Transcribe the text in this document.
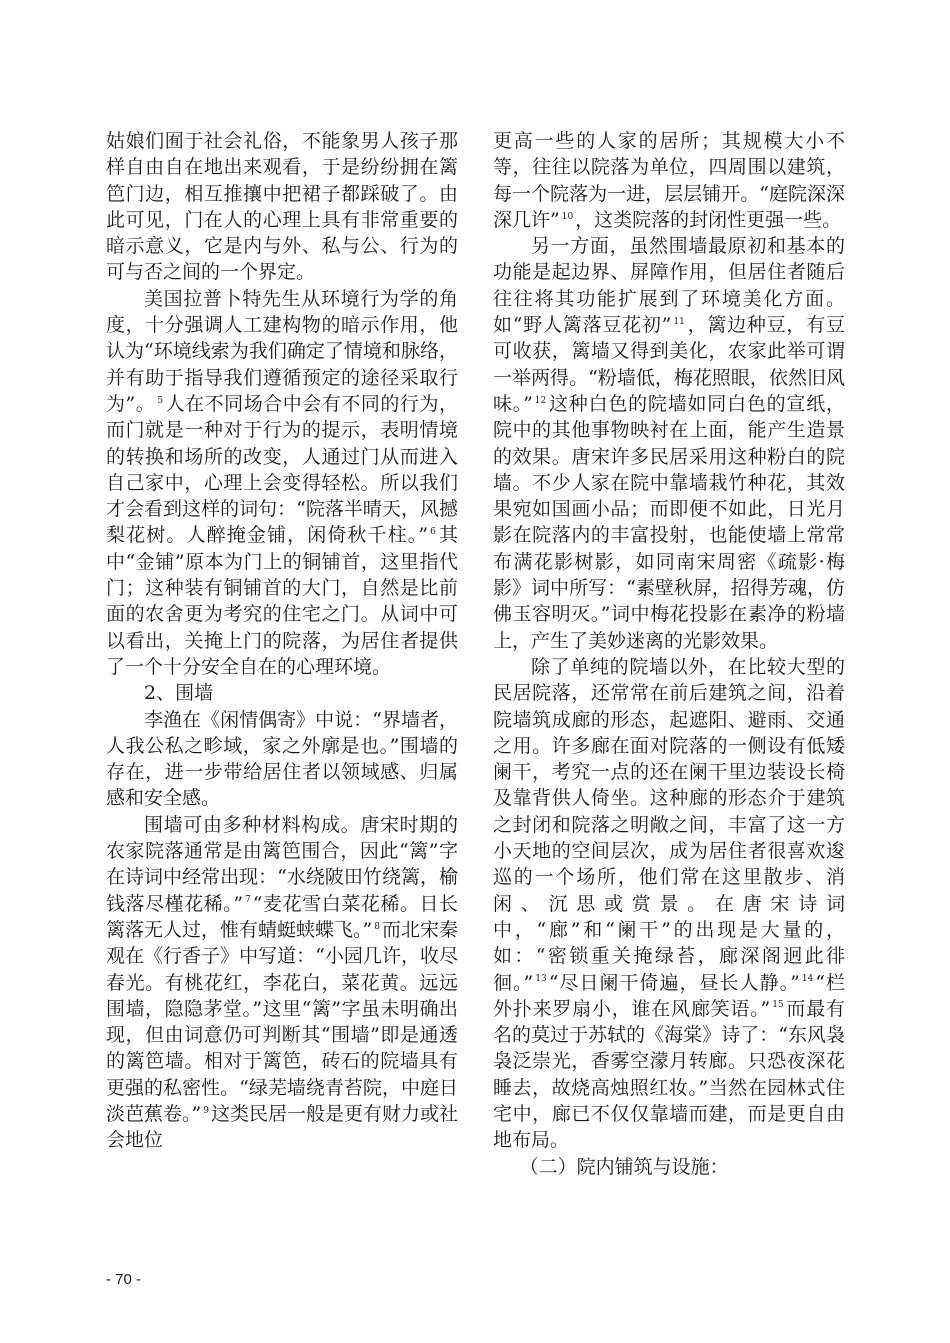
姑娘们囿于社会礼俗，不能象男人孩子那样自由自在地出来观看，于是纷纷拥在篱笆门边，相互推攘中把裙子都踩破了。由此可见，门在人的心理上具有非常重要的暗示意义，它是内与外、私与公、行为的可与否之间的一个界定。

美国拉普卜特先生从环境行为学的角度，十分强调人工建构物的暗示作用，他认为“环境线索为我们确定了情境和脉络，并有助于指导我们遵循预定的途径采取行为”。 $^5$ 人在不同场合中会有不同的行为，而门就是一种对于行为的提示，表明情境的转换和场所的改变，人通过门从而进入自己家中，心理上会变得轻松。所以我们才会看到这样的词句：“院落半晴天，风撼梨花树。人醉掩金铺，闲倚秋千柱。” $^6$ 其中“金铺”原本为门上的铜铺首，这里指代门；这种装有铜铺首的大门，自然是比前面的农舍更为考究的住宅之门。从词中可以看出，关掩上门的院落，为居住者提供了一个十分安全自在的心理环境。

2、围墙

李渔在《闲情偶寄》中说：“界墙者，人我公私之畛域，家之外廓是也。”围墙的存在，进一步带给居住者以领域感、归属感和安全感。

围墙可由多种材料构成。唐宋时期的农家院落通常是由篱笆围合，因此“篱”字在诗词中经常出现：“水绕陂田竹绕篱，榆钱落尽槿花稀。” $^7$ “麦花雪白菜花稀。日长篱落无人过，惟有蜻蜓蛱蝶飞。” $^8$ 而北宋秦观在《行香子》中写道：“小园几许，收尽春光。有桃花红，李花白，菜花黄。远远围墙，隐隐茅堂。”这里“篱”字虽未明确出现，但由词意仍可判断其“围墙”即是通透的篱笆墙。相对于篱笆，砖石的院墙具有更强的私密性。“绿芜墙绕青苔院，中庭日淡芭蕉卷。” $^9$ 这类民居一般是更有财力或社会地位

更高一些的人家的居所；其规模大小不等，往往以院落为单位，四周围以建筑，每一个院落为一进，层层铺开。“庭院深深深几许” $^{10}$ ，这类院落的封闭性更强一些。

另一方面，虽然围墙最原初和基本的功能是起边界、屏障作用，但居住者随后往往将其功能扩展到了环境美化方面。如“野人篱落豆花初” $^{11}$ ，篱边种豆，有豆可收获，篱墙又得到美化，农家此举可谓一举两得。“粉墙低，梅花照眼，依然旧风味。” $^{12}$ 这种白色的院墙如同白色的宣纸，院中的其他事物映衬在上面，能产生造景的效果。唐宋许多民居采用这种粉白的院墙。不少人家在院中靠墙栽竹种花，其效果宛如国画小品；而即便不如此，日光月影在院落内的丰富投射，也能使墙上常常布满花影树影，如同南宋周密《疏影·梅影》词中所写：“素壁秋屏，招得芳魂，仿佛玉容明灭。”词中梅花投影在素净的粉墙上，产生了美妙迷离的光影效果。

除了单纯的院墙以外，在比较大型的民居院落，还常常在前后建筑之间，沿着院墙筑成廊的形态，起遮阳、避雨、交通之用。许多廊在面对院落的一侧设有低矮阑干，考究一点的还在阑干里边装设长椅及靠背供人倚坐。这种廊的形态介于建筑之封闭和院落之明敞之间，丰富了这一方小天地的空间层次，成为居住者很喜欢逡巡的一个场所，他们常在这里散步、消闲、沉思或赏景。在唐宋诗词中，“廊”和“阑干”的出现是大量的，如：“密锁重关掩绿苔，廊深阁迥此徘徊。” $^{13}$ “尽日阑干倚遍，昼长人静。” $^{14}$ “栏外扑来罗扇小，谁在风廊笑语。” $^{15}$ 而最有名的莫过于苏轼的《海棠》诗了：“东风袅袅泛崇光，香雾空濛月转廊。只恐夜深花睡去，故烧高烛照红妆。”当然在园林式住宅中，廊已不仅仅靠墙而建，而是更自由地布局。

（二）院内铺筑与设施：

- 70 -
